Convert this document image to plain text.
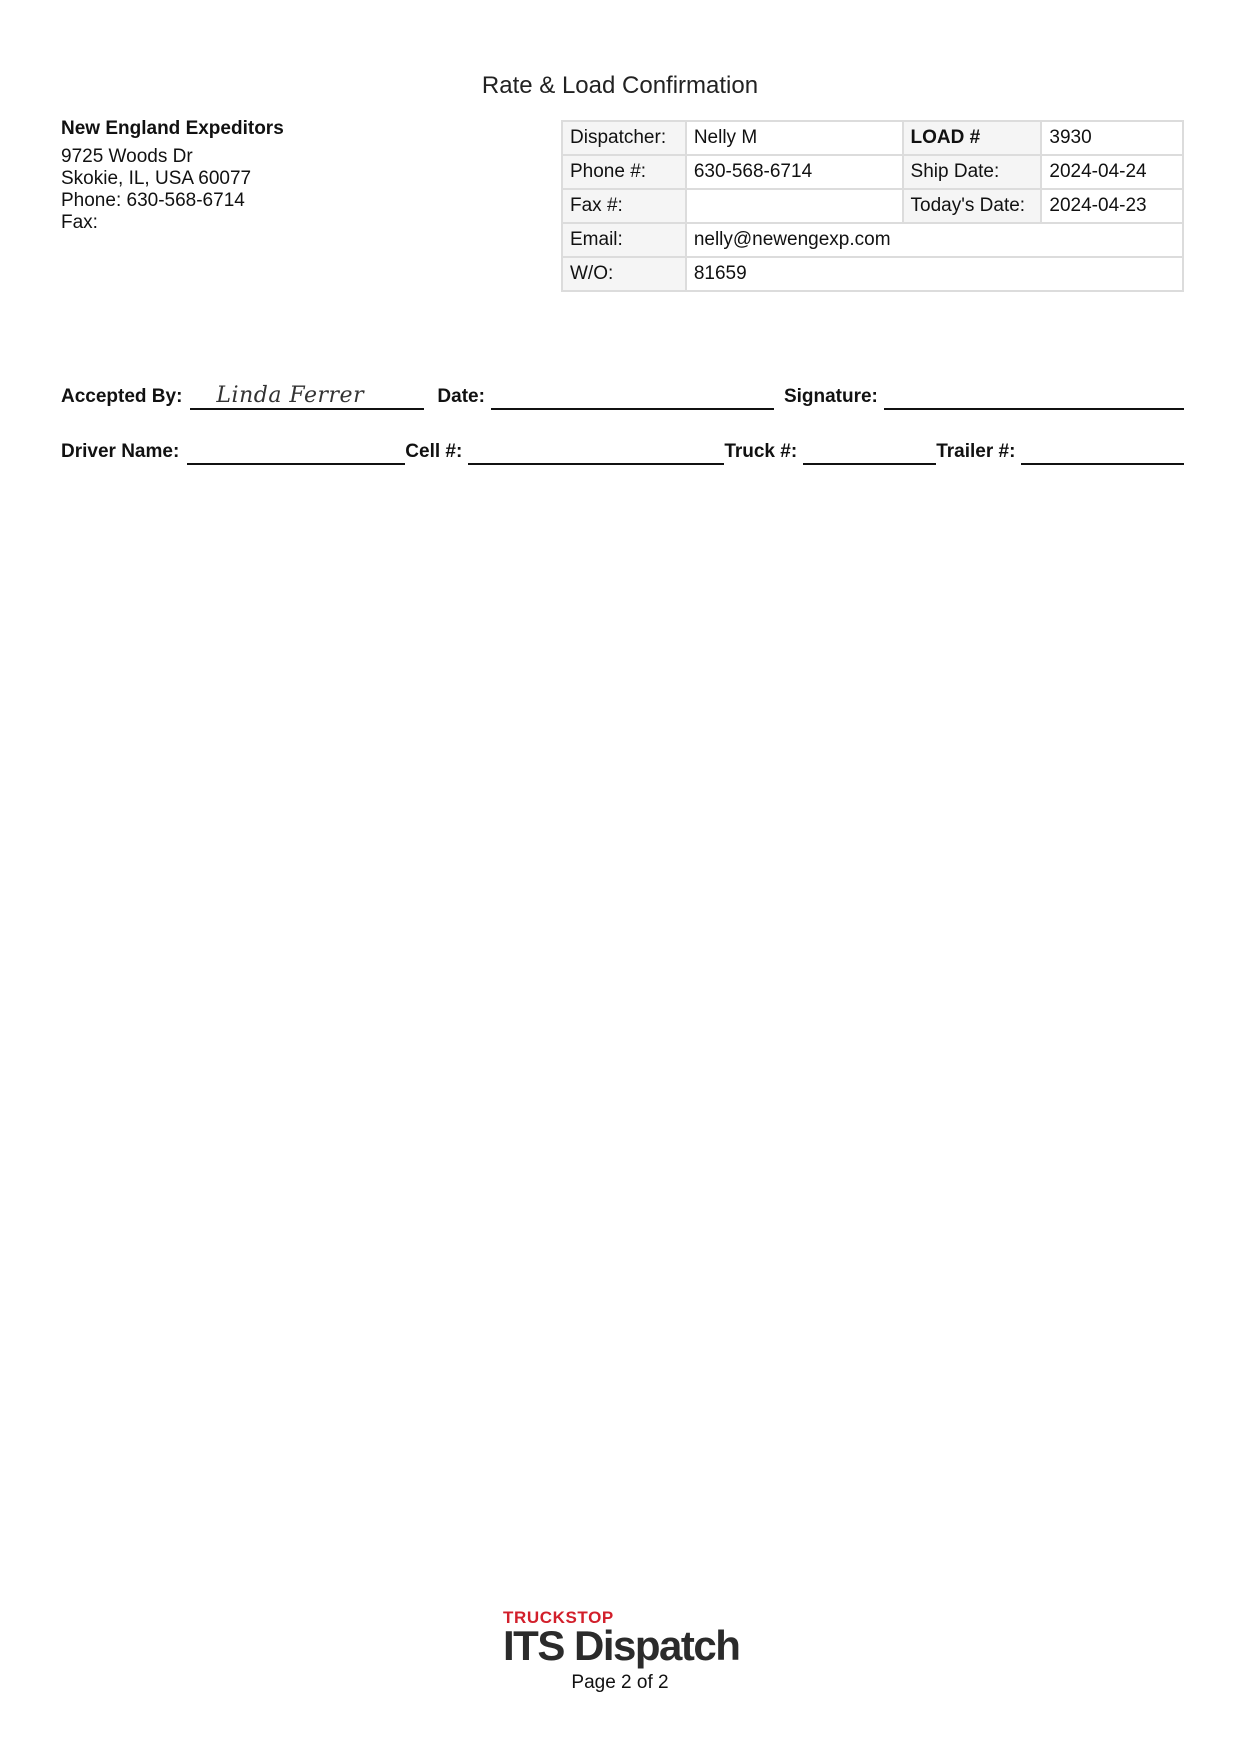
Rate & Load Confirmation
New England Expeditors
9725 Woods Dr
Skokie, IL, USA 60077
Phone: 630-568-6714
Fax:
Dispatcher:	Nelly M	LOAD #	3930
Phone #:	630-568-6714	Ship Date:	2024-04-24
Fax #:		Today's Date:	2024-04-23
Email:	nelly@newengexp.com		
W/O:	81659		
Accepted By: Linda Ferrer	Date:	Signature:
Driver Name:	Cell #:	Truck #:	Trailer #:
TRUCKSTOP
ITS Dispatch
Page 2 of 2
